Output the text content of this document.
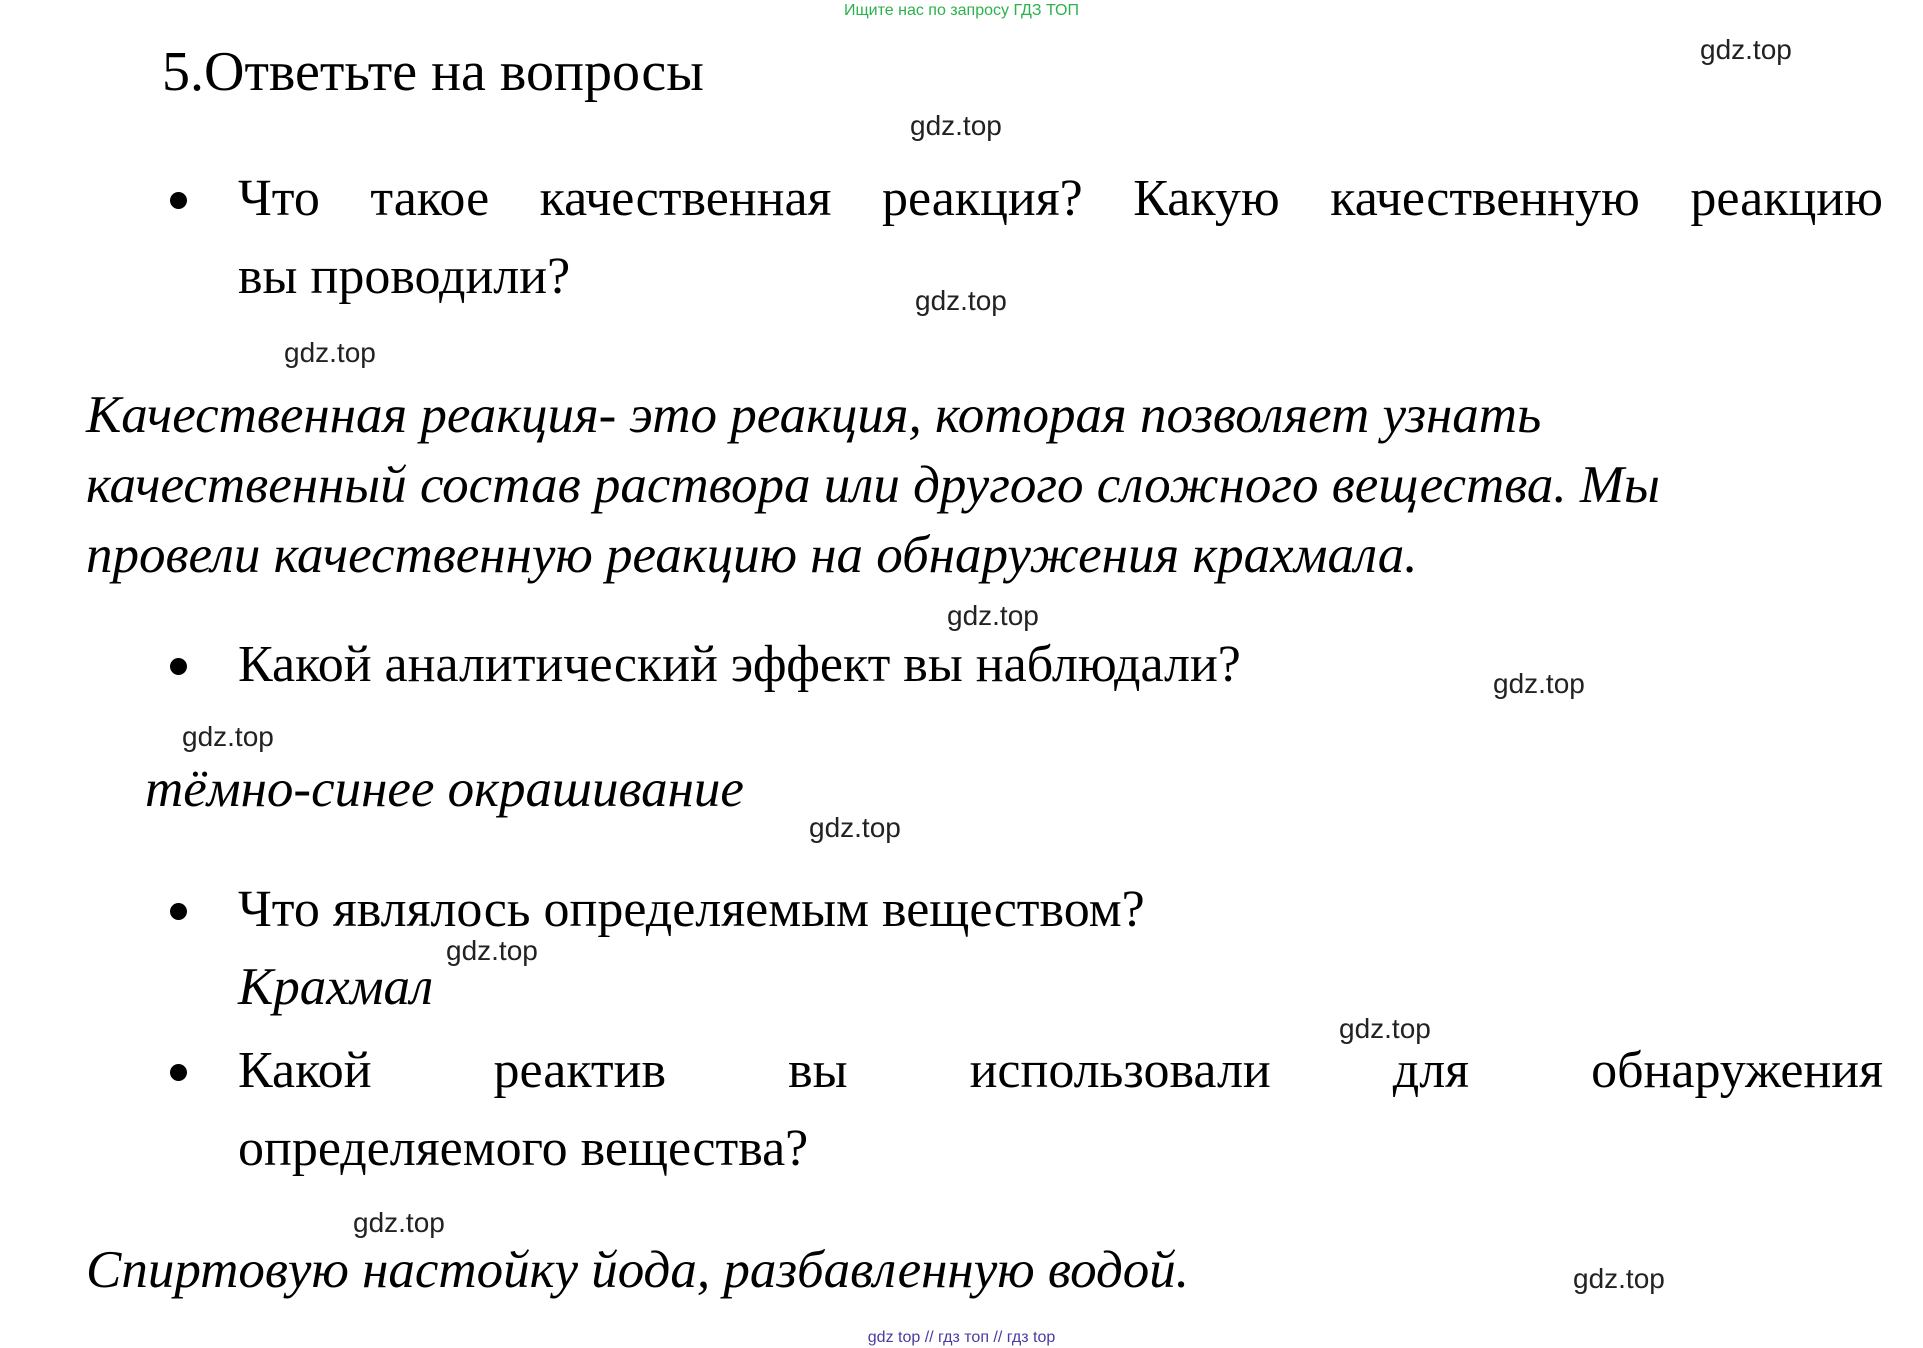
Ищите нас по запросу ГДЗ ТОП
5.Ответьте на вопросы
Что такое качественная реакция? Какую качественную реакцию
вы проводили?
Качественная реакция- это реакция, которая позволяет узнать
качественный состав раствора или другого сложного вещества. Мы
провели качественную реакцию на обнаружения крахмала.
Какой аналитический эффект вы наблюдали?
тёмно-синее окрашивание
Что являлось определяемым веществом?
Крахмал
Какой реактив вы использовали для обнаружения
определяемого вещества?
Спиртовую настойку йода, разбавленную водой.
gdz.top
gdz.top
gdz.top
gdz.top
gdz.top
gdz.top
gdz.top
gdz.top
gdz.top
gdz.top
gdz.top
gdz.top
gdz top // гдз топ // гдз top
